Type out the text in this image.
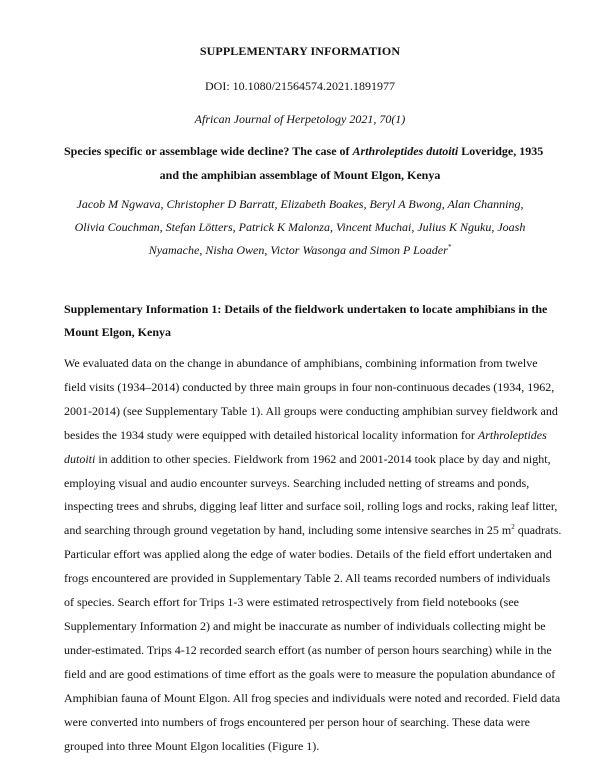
SUPPLEMENTARY INFORMATION
DOI: 10.1080/21564574.2021.1891977
African Journal of Herpetology 2021, 70(1)
Species specific or assemblage wide decline? The case of Arthroleptides dutoiti Loveridge, 1935
and the amphibian assemblage of Mount Elgon, Kenya
Jacob M Ngwava, Christopher D Barratt, Elizabeth Boakes, Beryl A Bwong, Alan Channing,
Olivia Couchman, Stefan Lötters, Patrick K Malonza, Vincent Muchai, Julius K Nguku, Joash
Nyamache, Nisha Owen, Victor Wasonga and Simon P Loader*
Supplementary Information 1: Details of the fieldwork undertaken to locate amphibians in the
Mount Elgon, Kenya
We evaluated data on the change in abundance of amphibians, combining information from twelve
field visits (1934–2014) conducted by three main groups in four non-continuous decades (1934, 1962,
2001-2014) (see Supplementary Table 1). All groups were conducting amphibian survey fieldwork and
besides the 1934 study were equipped with detailed historical locality information for Arthroleptides
dutoiti in addition to other species. Fieldwork from 1962 and 2001-2014 took place by day and night,
employing visual and audio encounter surveys. Searching included netting of streams and ponds,
inspecting trees and shrubs, digging leaf litter and surface soil, rolling logs and rocks, raking leaf litter,
and searching through ground vegetation by hand, including some intensive searches in 25 $m^2$ quadrats.
Particular effort was applied along the edge of water bodies. Details of the field effort undertaken and
frogs encountered are provided in Supplementary Table 2. All teams recorded numbers of individuals
of species. Search effort for Trips 1-3 were estimated retrospectively from field notebooks (see
Supplementary Information 2) and might be inaccurate as number of individuals collecting might be
under-estimated. Trips 4-12 recorded search effort (as number of person hours searching) while in the
field and are good estimations of time effort as the goals were to measure the population abundance of
Amphibian fauna of Mount Elgon. All frog species and individuals were noted and recorded. Field data
were converted into numbers of frogs encountered per person hour of searching. These data were
grouped into three Mount Elgon localities (Figure 1).
